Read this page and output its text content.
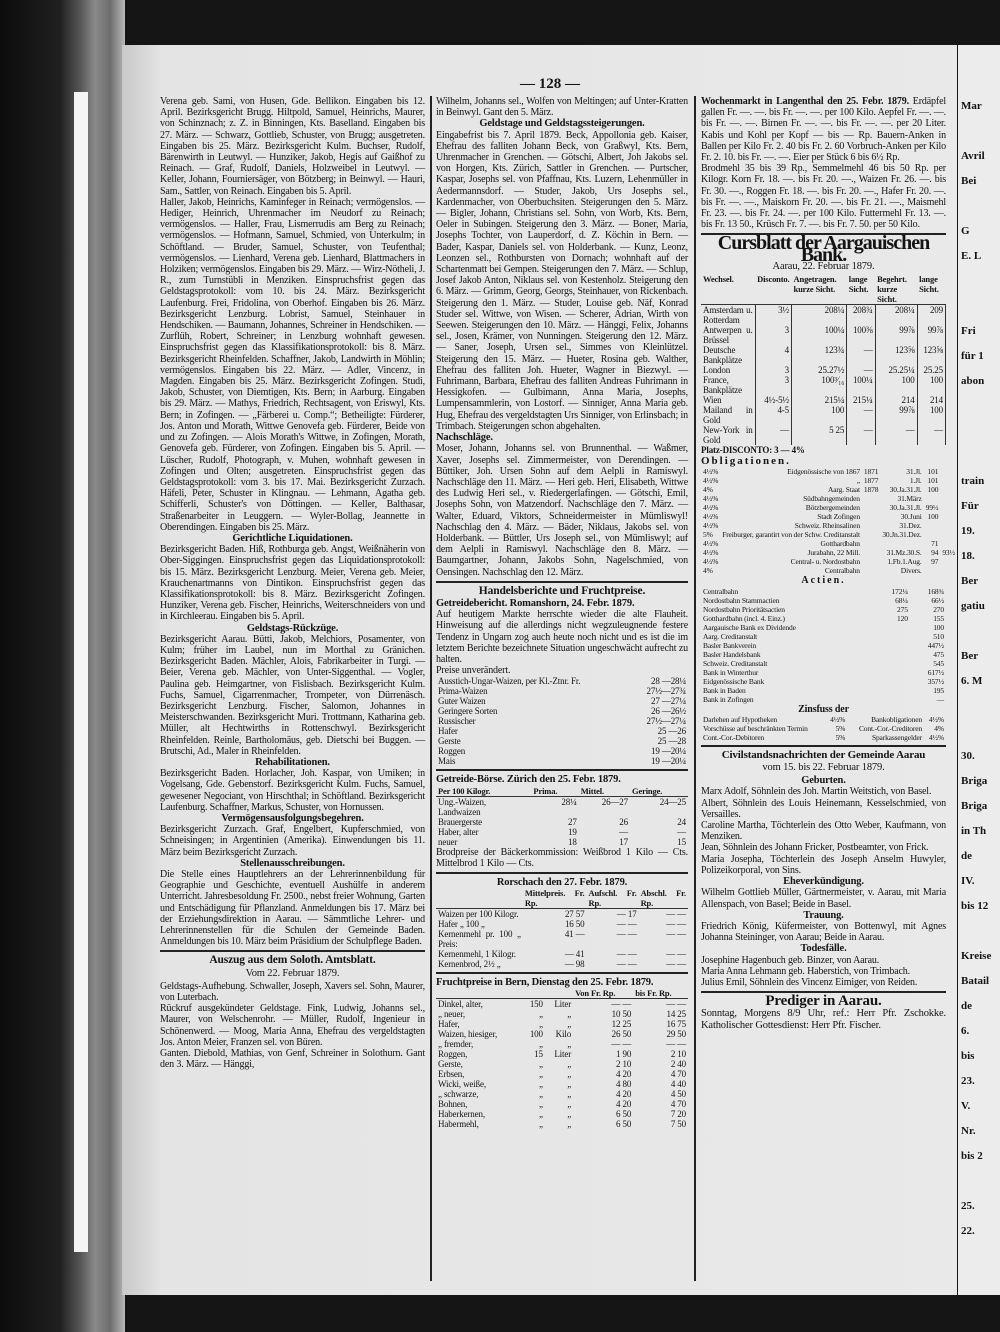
Mar
Avril
Bei
G
E. L
Fri
für 1
abon
train
Für
19.
18.
Ber
gatiu
Ber
6. M
30.
Briga
Briga
in Th
de
IV.
bis 12
Kreise
Batail
de
6.
bis
23.
V.
Nr.
bis 2
25.
22.
— 128 —

Verena geb. Sami, von Husen, Gde. Bellikon. Eingaben bis 12. April. Bezirksgericht Brugg. Hiltpold, Samuel, Heinrichs, Maurer, von Schinznach; z. Z. in Binningen, Kts. Baselland. Eingaben bis 27. März. — Schwarz, Gottlieb, Schuster, von Brugg; ausgetreten. Eingaben bis 25. März. Bezirksgericht Kulm. Buchser, Rudolf, Bärenwirth in Leutwyl. — Hunziker, Jakob, Hegis auf Gaißhof zu Reinach. — Graf, Rudolf, Daniels, Holzweibel in Leutwyl. — Keller, Johann, Fourniersäger, von Bötzberg; in Beinwyl. — Hauri, Sam., Sattler, von Reinach. Eingaben bis 5. April.

Haller, Jakob, Heinrichs, Kaminfeger in Reinach; vermögenslos. — Hediger, Heinrich, Uhrenmacher im Neudorf zu Reinach; vermögenslos. — Haller, Frau, Lismerrudis am Berg zu Reinach; vermögenslos. — Hofmann, Samuel, Schmied, von Unterkulm; in Schöftland. — Bruder, Samuel, Schuster, von Teufenthal; vermögenslos. — Lienhard, Verena geb. Lienhard, Blattmachers in Holziken; vermögenslos. Eingaben bis 29. März. — Wirz-Nötheli, J. R., zum Turnstübli in Menziken. Einspruchsfrist gegen das Geldstagsprotokoll: vom 10. bis 24. März. Bezirksgericht Laufenburg. Frei, Fridolina, von Oberhof. Eingaben bis 26. März. Bezirksgericht Lenzburg. Lobrist, Samuel, Steinhauer in Hendschiken. — Baumann, Johannes, Schreiner in Hendschiken. — Zurflüh, Robert, Schreiner; in Lenzburg wohnhaft gewesen. Einspruchsfrist gegen das Klassifikationsprotokoll: bis 8. März. Bezirksgericht Rheinfelden. Schaffner, Jakob, Landwirth in Möhlin; vermögenslos. Eingaben bis 22. März. — Adler, Vincenz, in Magden. Eingaben bis 25. März. Bezirksgericht Zofingen. Studi, Jakob, Schuster, von Diemtigen, Kts. Bern; in Aarburg. Eingaben bis 29. März. — Mathys, Friedrich, Rechtsagent, von Eriswyl, Kts. Bern; in Zofingen. — „Färberei u. Comp.“; Betheiligte: Fürderer, Jos. Anton und Morath, Wittwe Genovefa geb. Fürderer, Beide von und zu Zofingen. — Alois Morath's Wittwe, in Zofingen, Morath, Genovefa geb. Fürderer, von Zofingen. Eingaben bis 5. April. — Lüscher, Rudolf, Photograph, v. Muhen, wohnhaft gewesen in Zofingen und Olten; ausgetreten. Einspruchsfrist gegen das Geldstagsprotokoll: vom 3. bis 17. Mai. Bezirksgericht Zurzach. Häfeli, Peter, Schuster in Klingnau. — Lehmann, Agatha geb. Schifferli, Schuster's von Döttingen. — Keller, Balthasar, Straßenarbeiter in Leuggern. — Wyler-Bollag, Jeannette in Oberendingen. Eingaben bis 25. März.

Gerichtliche Liquidationen.

Bezirksgericht Baden. Hiß, Rothburga geb. Angst, Weißnäherin von Ober-Siggingen. Einspruchsfrist gegen das Liquidationsprotokoll: bis 15. März. Bezirksgericht Lenzburg. Meier, Verena geb. Meier, Krauchenartmanns von Dintikon. Einspruchsfrist gegen das Klassifikationsprotokoll: bis 8. März. Bezirksgericht Zofingen. Hunziker, Verena geb. Fischer, Heinrichs, Weiterschneiders von und in Kirchleerau. Eingaben bis 5. April.

Geldstags-Rückzüge.

Bezirksgericht Aarau. Bütti, Jakob, Melchiors, Posamenter, von Kulm; früher im Laubel, nun im Morthal zu Gränichen. Bezirksgericht Baden. Mächler, Alois, Fabrikarbeiter in Turgi. — Beier, Verena geb. Mächler, von Unter-Siggenthal. — Vogler, Paulina geb. Heimgartner, von Fislisbach. Bezirksgericht Kulm. Fuchs, Samuel, Cigarrenmacher, Trompeter, von Dürrenäsch. Bezirksgericht Lenzburg. Fischer, Salomon, Johannes in Meisterschwanden. Bezirksgericht Muri. Trottmann, Katharina geb. Müller, alt Hechtwirths in Rottenschwyl. Bezirksgericht Rheinfelden. Reinle, Bartholomäus, geb. Dietschi bei Buggen. — Brutschi, Ad., Maler in Rheinfelden.

Rehabilitationen.

Bezirksgericht Baden. Horlacher, Joh. Kaspar, von Umiken; in Vogelsang, Gde. Gebenstorf. Bezirksgericht Kulm. Fuchs, Samuel, gewesener Negociant, von Hirschthal; in Schöftland. Bezirksgericht Laufenburg. Schaffner, Markus, Schuster, von Hornussen.

Vermögensausfolgungsbegehren.

Bezirksgericht Zurzach. Graf, Engelbert, Kupferschmied, von Schneisingen; in Argentinien (Amerika). Einwendungen bis 11. März beim Bezirksgericht Zurzach.

Stellenausschreibungen.

Die Stelle eines Hauptlehrers an der Lehrerinnenbildung für Geographie und Geschichte, eventuell Aushülfe in anderem Unterricht. Jahresbesoldung Fr. 2500., nebst freier Wohnung, Garten und Entschädigung für Pflanzland. Anmeldungen bis 17. März bei der Erziehungsdirektion in Aarau. — Sämmtliche Lehrer- und Lehrerinnenstellen für die Schulen der Gemeinde Baden. Anmeldungen bis 10. März beim Präsidium der Schulpflege Baden.

Auszug aus dem Soloth. Amtsblatt.
Vom 22. Februar 1879.

Geldstags-Aufhebung. Schwaller, Joseph, Xavers sel. Sohn, Maurer, von Luterbach.

Rückruf ausgekündeter Geldstage. Fink, Ludwig, Johanns sel., Maurer, von Welschenrohr. — Müller, Rudolf, Ingenieur in Schönenwerd. — Moog, Maria Anna, Ehefrau des vergeldstagten Jos. Anton Meier, Franzen sel. von Büren.

Ganten. Diebold, Mathias, von Genf, Schreiner in Solothurn. Gant den 3. März. — Hänggi,

Wilhelm, Johanns sel., Wolfen von Meltingen; auf Unter-Kratten in Beinwyl. Gant den 5. März.

Geldstage und Geldstagssteigerungen.

Eingabefrist bis 7. April 1879. Beck, Appollonia geb. Kaiser, Ehefrau des falliten Johann Beck, von Graßwyl, Kts. Bern, Uhrenmacher in Grenchen. — Götschi, Albert, Joh Jakobs sel. von Horgen, Kts. Zürich, Sattler in Grenchen. — Purtscher, Kaspar, Josephs sel. von Pfaffnau, Kts. Luzern, Lehenmüller in Aedermannsdorf. — Studer, Jakob, Urs Josephs sel., Kardenmacher, von Oberbuchsiten. Steigerungen den 5. März. — Bigler, Johann, Christians sel. Sohn, von Worb, Kts. Bern, Oeler in Subingen. Steigerung den 3. März. — Boner, Maria, Josephs Tochter, von Lauperdorf, d. Z. Köchin in Bern. — Bader, Kaspar, Daniels sel. von Holderbank. — Kunz, Leonz, Leonzen sel., Rothbursten von Dornach; wohnhaft auf der Schartenmatt bei Gempen. Steigerungen den 7. März. — Schlup, Josef Jakob Anton, Niklaus sel. von Kestenholz. Steigerung den 6. März. — Grimm, Georg, Georgs, Steinhauer, von Rickenbach. Steigerung den 1. März. — Studer, Louise geb. Näf, Konrad Studer sel. Wittwe, von Wisen. — Scherer, Adrian, Wirth von Seewen. Steigerungen den 10. März. — Hänggi, Felix, Johanns sel., Josen, Krämer, von Nunningen. Steigerung den 12. März. — Saner, Joseph, Ursen sel., Simmes von Kleinlützel. Steigerung den 15. März. — Hueter, Rosina geb. Walther, Ehefrau des falliten Joh. Hueter, Wagner in Biezwyl. — Fuhrimann, Barbara, Ehefrau des falliten Andreas Fuhrimann in Hessigkofen. — Gulbimann, Anna Maria, Josephs, Lumpensammlerin, von Lostorf. — Sinniger, Anna Maria geb. Hug, Ehefrau des vergeldstagten Urs Sinniger, von Erlinsbach; in Trimbach. Steigerungen schon abgehalten.

Nachschläge.

Moser, Johann, Johanns sel. von Brunnenthal. — Waßmer, Xaver, Josephs sel. Zimmermeister, von Derendingen. — Büttiker, Joh. Ursen Sohn auf dem Aelpli in Ramiswyl. Nachschläge den 11. März. — Heri geb. Heri, Elisabeth, Wittwe des Ludwig Heri sel., v. Riedergerlafingen. — Götschi, Emil, Josephs Sohn, von Matzendorf. Nachschläge den 7. März. — Walter, Eduard, Viktors, Schneidermeister in Mümliswyl! Nachschlag den 4. März. — Bäder, Niklaus, Jakobs sel. von Holderbank. — Büttler, Urs Joseph sel., von Mümliswyl; auf dem Aelpli in Ramiswyl. Nachschläge den 8. März. — Baumgartner, Johann, Jakobs Sohn, Nagelschmied, von Oensingen. Nachschlag den 12. März.

Handelsberichte und Fruchtpreise.
Getreidebericht. Romanshorn, 24. Febr. 1879.

Auf heutigem Markte herrschte wieder die alte Flauheit. Hinweisung auf die allerdings nicht wegzuleugnende festere Tendenz in Ungarn zog auch heute noch nicht und es ist die im letztem Berichte bezeichnete Situation ungeschwächt aufrecht zu halten.

Preise unverändert.

Ausstich-Ungar-Waizen, per Kl.-Ztnr. Fr.	28 —28¼
Prima-Waizen	27½—27¾
Guter Waizen	27 —27¼
Geringere Sorten	26 —26½
Russischer	27½—27¼
Hafer	25 —26
Gerste	25 —28
Roggen	19 —20¼
Mais	19 —20¼
Getreide-Börse. Zürich den 25. Febr. 1879.
Per 100 Kilogr.	Prima.	Mittel.	Geringe.
Ung.-Waizen,	28¼	26—27	24—25
Landwaizen			
Brauergerste	27	26	24
Haber, alter	19	—	—
neuer	18	17	15

Brodpreise der Bäckerkommission: Weißbrod 1 Kilo — Cts. Mittelbrod 1 Kilo — Cts.

Rorschach den 27. Febr. 1879.
	Mittelpreis. Fr. Rp.	Aufschl. Fr. Rp.	Abschl. Fr. Rp.
Waizen per 100 Kilogr.	27 57	— 17	— —
Hafer „ 100 „	16 50	— —	— —
Kernenmehl pr. 100 „ Preis:	41 —	— —	— —
Kernenmehl, 1 Kilogr.	— 41	— —	— —
Kernenbrod, 2½ „	— 98	— —	— —
Fruchtpreise in Bern, Dienstag den 25. Febr. 1879.
			Von Fr. Rp.	bis Fr. Rp.
Dinkel, alter,	150	Liter	— —	— —
„ neuer,	„	„	10 50	14 25
Hafer,	„	„	12 25	16 75
Waizen, hiesiger,	100	Kilo	26 50	29 50
„ fremder,	„	„	— —	— —
Roggen,	15	Liter	1 90	2 10
Gerste,	„	„	2 10	2 40
Erbsen,	„	„	4 20	4 70
Wicki, weiße,	„	„	4 80	4 40
„ schwarze,	„	„	4 20	4 50
Bohnen,	„	„	4 20	4 70
Haberkernen,	„	„	6 50	7 20
Habermehl,	„	„	6 50	7 50

Wochenmarkt in Langenthal den 25. Febr. 1879. Erdäpfel gallen Fr. —. —. bis Fr. —. —. per 100 Kilo. Aepfel Fr. —. —. bis Fr. —. —. Birnen Fr. —. —. bis Fr. —. —. per 20 Liter. Kabis und Kohl per Kopf — bis — Rp. Bauern-Anken in Ballen per Kilo Fr. 2. 40 bis Fr. 2. 60 Vorbruch-Anken per Kilo Fr. 2. 10. bis Fr. —. —. Eier per Stück 6 bis 6½ Rp.

Brodmehl 35 bis 39 Rp., Semmelmehl 46 bis 50 Rp. per Kilogr. Korn Fr. 18. —. bis Fr. 20. —., Waizen Fr. 26. —. bis Fr. 30. —., Roggen Fr. 18. —. bis Fr. 20. —., Hafer Fr. 20. —. bis Fr. —. —., Maiskorn Fr. 20. —. bis Fr. 21. —., Maismehl Fr. 23. —. bis Fr. 24. —. per 100 Kilo. Futtermehl Fr. 13. —. bis Fr. 13 50., Krüsch Fr. 7. —. bis Fr. 7. 50. per 50 Kilo.

Cursblatt der Aargauischen Bank.
Aarau, 22. Februar 1879.
Wechsel.	Disconto.	Angetragen. kurze Sicht.	lange Sicht.	Begehrt. kurze Sicht.	lange Sicht.
Amsterdam u. Rotterdam	3½	208¼	208¾	208¼	209
Antwerpen u. Brüssel	3	100¼	100⅜	99⅞	99⅞
Deutsche Bankplätze	4	123¾	—	123⅝	123⅝
London	3	25.27½	—	25.25¼	25.25
France, Bankplätze	3	100³⁄₁₆	100¼	100	100
Wien	4½-5½	215¼	215¼	214	214
Mailand in Gold	4-5	100	—	99⅞	100
New-York in Gold	—	5 25	—	—	—
Platz-DISCONTO: 3 — 4%
Obligationen.
4½%	Eidgenössische von 1867	1871	31.Jl.	101	
4½%	„	1877	1.Jl.	101	
4%	Aarg. Staat	1878	30.Ja.31.Jl.	100	
4½%	Südbahngemeinden		31.März		
4½%	Bötzbergemeinden		30.Ja.31.Jl.	99½	
4½%	Stadt Zofingen		30.Juni	100	
4½%	Schweiz. Rheinsalinen		31.Dez.		
5%	Freiburger, garantirt von der Schw. Creditanstalt		30.Jn.31.Dez.		
4½%	Gotthardbahn			71	
4½%	Jurabahn, 22 Mill.		31.Mz.30.S.	94	93½
4½%	Central- u. Nordostbahn		1.Fb.1.Aug.	97	
4%	Centralbahn		Divers.		
Actien.
Centralbahn	172¼	168¾
Nordostbahn Stammactien	68¼	66½
Nordostbahn Prioritätsactien	275	270
Gotthardbahn (incl. 4. Einz.)	120	155
Aargauische Bank ex Dividende		100
Aarg. Creditanstalt		510
Basler Bankverein		447½
Basler Handelsbank		475
Schweiz. Creditanstalt		545
Bank in Winterthur		617½
Eidgenössische Bank		357½
Bank in Baden		195
Bank in Zofingen		—
Zinsfuss der
Darlehen auf Hypotheken	4½%	Bankobligationen	4½%
Vorschüsse auf beschränkten Termin	5%	Cont.-Cor.-Creditoren	4%
Cont.-Cor.-Debitoren	5%	Sparkassengelder	4½%
Civilstandsnachrichten der Gemeinde Aarau
vom 15. bis 22. Februar 1879.
Geburten.

Marx Adolf, Söhnlein des Joh. Martin Weitstich, von Basel.

Albert, Söhnlein des Louis Heinemann, Kesselschmied, von Versailles.

Caroline Martha, Töchterlein des Otto Weber, Kaufmann, von Menziken.

Jean, Söhnlein des Johann Fricker, Postbeamter, von Frick.

Maria Josepha, Töchterlein des Joseph Anselm Huwyler, Polizeikorporal, von Sins.

Eheverkündigung.

Wilhelm Gottlieb Müller, Gärtnermeister, v. Aarau, mit Maria Allenspach, von Basel; Beide in Basel.

Trauung.

Friedrich König, Küfermeister, von Bottenwyl, mit Agnes Johanna Steininger, von Aarau; Beide in Aarau.

Todesfälle.

Josephine Hagenbuch geb. Binzer, von Aarau.

Maria Anna Lehmann geb. Haberstich, von Trimbach.

Julius Emil, Söhnlein des Vincenz Eimiger, von Reiden.

Prediger in Aarau.

Sonntag, Morgens 8/9 Uhr, ref.: Herr Pfr. Zschokke. Katholischer Gottesdienst: Herr Pfr. Fischer.
